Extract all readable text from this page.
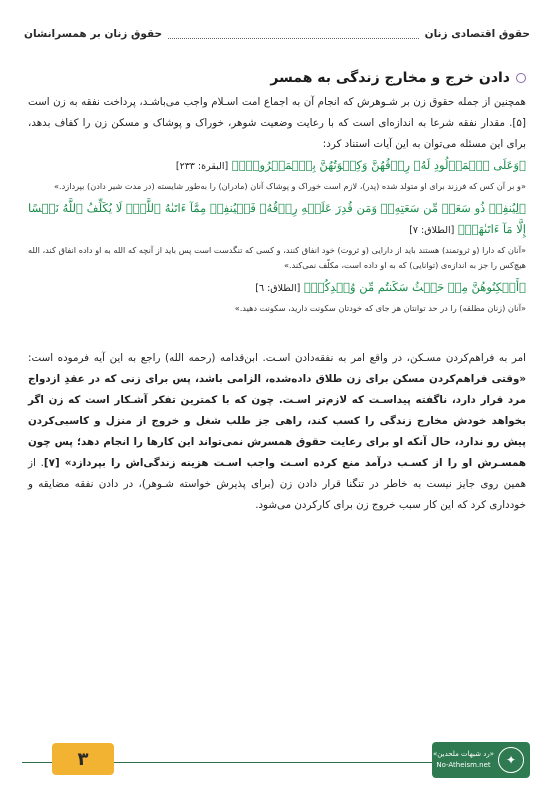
حقوق اقتصادی زنان
حقوق زنان بر همسرانشان
دادن خرج و مخارج زندگی به همسر

همچنین از جمله حقوق زن بر شـوهرش که انجام آن به اجماع امت اسـلام واجب می‌باشـد، پرداخت نفقه به زن است [۵]. مقدار نفقه شرعا به اندازه‌ای است که با رعایت وضعیت شوهر، خوراک و پوشاک و مسکن زن را کفاف بدهد، برای این مسئله می‌توان به این آیات استناد کرد:

﴿وَعَلَى ٱلۡمَوۡلُودِ لَهُۥ رِزۡقُهُنَّ وَكِسۡوَتُهُنَّ بِٱلۡمَعۡرُوفِۚ﴾ [البقرة: ٢٣٣]

«و بر آن کس که فرزند برای او متولد شده (پدر)، لازم است خوراک و پوشاک آنان (مادران) را به‌طور شایسته (در مدت شیر دادن) بپردازد.»

﴿لِيُنفِقۡ ذُو سَعَةٖ مِّن سَعَتِهِۦۖ وَمَن قُدِرَ عَلَيۡهِ رِزۡقُهُۥ فَلۡيُنفِقۡ مِمَّآ ءَاتَىٰهُ ٱللَّهُۚ لَا يُكَلِّفُ ٱللَّهُ نَفۡسًا إِلَّا مَآ ءَاتَىٰهَاۚ﴾ [الطلاق: ٧]

«آنان که دارا (و ثروتمند) هستند باید از دارایی (و ثروت) خود انفاق کنند، و کسی که تنگدست است پس باید از آنچه که الله به او داده انفاق کند، الله هیچ‌کس را جز به اندازه‌ی (توانایی) که به او داده است، مکلّف نمی‌کند.»

﴿أَسۡكِنُوهُنَّ مِنۡ حَيۡثُ سَكَنتُم مِّن وُجۡدِكُمۡ﴾ [الطلاق: ٦]

«آنان (زنان مطلقه) را در حد توانتان هر جای که خودتان سکونت دارید، سکونت دهید.»

امر به فراهم‌کردن مسـکن، در واقع امر به نفقه‌دادن اسـت. ابن‌قدامه (رحمه الله) راجع به این آیه فرموده است: «وقتی فراهم‌کردن مسکن برای زن طلاق داده‌شده، الزامی باشد، پس برای زنی که در عقدِ ازدواج مرد قرار دارد، ناگفته پیداسـت که لازم‌تر اسـت. چون که با کمترین تفکر آشـکار است که زن اگر بخواهد خودش مخارج زندگی را کسب کند، راهی جز طلب شغل و خروج از منزل و کاسبی‌کردن پیش رو ندارد، حال آنکه او برای رعایت حقوق همسرش نمی‌تواند این کارها را انجام دهد؛ پس چون همسـرش او را از کسـب درآمد منع کرده اسـت واجب اسـت هزینه زندگی‌اش را بپردازد» [۷]. از همین روی جایز نیست به خاطر در تنگنا قرار دادن زن (برای پذیرش خواسته شـوهر)، در دادن نفقه مضایقه و خودداری کرد که این کار سبب خروج زن برای کارکردن می‌شود.

۳	✦
«رد شبهات ملحدین»
No-Atheism.net
